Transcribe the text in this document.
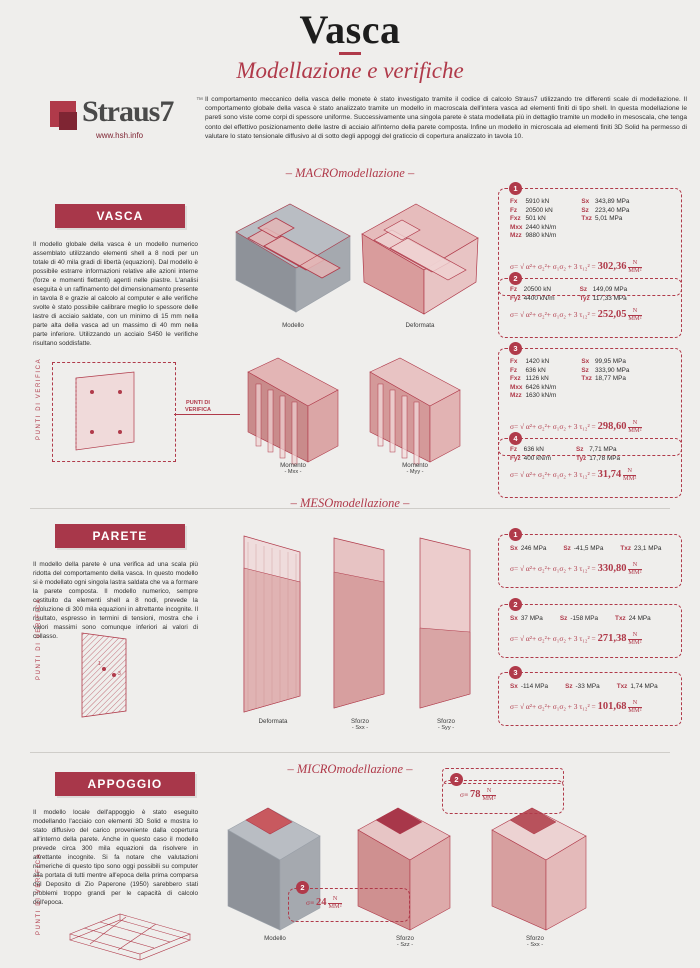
Vasca
Modellazione e verifiche
Straus7	™
www.hsh.info
Il comportamento meccanico della vasca delle monete è stato investigato tramite il codice di calcolo Straus7 utilizzando tre differenti scale di modellazione. Il comportamento globale della vasca è stato analizzato tramite un modello in macroscala dell'intera vasca ad elementi finiti di tipo shell. In questa modellazione le pareti sono viste come corpi di spessore uniforme. Successivamente una singola parete è stata modellata più in dettaglio tramite un modello in mesoscala, che tenga conto del effettivo posizionamento delle lastre di acciaio all'interno della parete composta. Infine un modello in microscala ad elementi finiti 3D Solid ha permesso di valutare lo stato tensionale diffusivo al di sotto degli appoggi del graticcio di copertura analizzato in tavola 10.
– MACROmodellazione –
VASCA
Il modello globale della vasca è un modello numerico assemblato utilizzando elementi shell a 8 nodi per un totale di 40 mila gradi di libertà (equazioni). Dal modello è possibile estrarre informazioni relative alle azioni interne (forze e momenti flettenti) agenti nelle piastre. L'analisi eseguita è un raffinamento del dimensionamento presente in tavola 8 e grazie al calcolo al computer e alle verifiche svolte è stato possibile calibrare meglio lo spessore delle lastre di acciaio saldate, con un minimo di 15 mm nella parte alta della vasca ad un massimo di 40 mm nella parte inferiore. Utilizzando un acciaio S450 le verifiche risultano soddisfatte.
PUNTI DI VERIFICA
Modello	Deformata
Momento
- Mxx -
Momento
- Myy -
PUNTI DI
VERIFICA
1
Fx	5910 kN	Sx	343,89 MPa
Fz	20500 kN	Sz	223,40 MPa
Fxz	501 kN	Txz	5,01 MPa
Mxx	2440 kN/m		
Mzz	9880 kN/m		
σ= √ α²+ σ₂²+ σ₁σ₂ + 3 $\tau_{12}^2 = 302,36 \frac{N}{\text{MM²}}$
2
Fz	20500 kN	Sz	149,09 MPa
Fyz	4400 kN/m	Tyz	117,33 MPa
σ= √ α²+ σ₂²+ σ₁σ₂ + 3 $\tau_{12}^2 = 252,05 \frac{N}{\text{MM²}}$
3
Fx	1420 kN	Sx	99,95 MPa
Fz	636 kN	Sz	333,90 MPa
Fxz	1126 kN	Txz	18,77 MPa
Mxx	6426 kN/m		
Mzz	1630 kN/m		
σ= √ α²+ σ₂²+ σ₁σ₂ + 3 $\tau_{12}^2 = 298,60 \frac{N}{\text{MM²}}$
4
Fz	636 kN	Sz	7,71 MPa
Fyz	400 kN/m	Tyz	17,78 MPa
σ= √ α²+ σ₂²+ σ₁σ₂ + 3 $\tau_{12}^2 = 31,74 \frac{N}{\text{MM²}}$
– MESOmodellazione –
PARETE
Il modello della parete è una verifica ad una scala più ridotta del comportamento della vasca. In questo modello si è modellato ogni singola lastra saldata che va a formare la parete composta. Il modello numerico, sempre costituito da elementi shell a 8 nodi, prevede la risoluzione di 300 mila equazioni in altrettante incognite. Il risultato, espresso in termini di tensioni, mostra che i valori massimi sono comunque inferiori ai valori di collasso.
PUNTI DI VERIFICA	1
3
Deformata	Sforzo
- Sxx -
Sforzo
- Syy -
1
Sx	246 MPa	Sz	-41,5 MPa	Txz	23,1 MPa
σ= √ α²+ σ₂²+ σ₁σ₂ + 3 $\tau_{12}^2 = 330,80 \frac{N}{\text{MM²}}$
2
Sx	37 MPa	Sz	-158 MPa	Txz	24 MPa
σ= √ α²+ σ₂²+ σ₁σ₂ + 3 $\tau_{12}^2 = 271,38 \frac{N}{\text{MM²}}$
3
Sx	-114 MPa	Sz	-33 MPa	Txz	1,74 MPa
σ= √ α²+ σ₂²+ σ₁σ₂ + 3 $\tau_{12}^2 = 101,68 \frac{N}{\text{MM²}}$
– MICROmodellazione –
APPOGGIO
Il modello locale dell'appoggio è stato eseguito modellando l'acciaio con elementi 3D Solid e mostra lo stato diffusivo del carico proveniente dalla copertura all'interno della parete. Anche in questo caso il modello prevede circa 300 mila equazioni da risolvere in altrettante incognite. Si fa notare che valutazioni numeriche di questo tipo sono oggi possibili su computer alla portata di tutti mentre all'epoca della prima comparsa del Deposito di Zio Paperone (1950) sarebbero stati problemi troppo grandi per le capacità di calcolo dell'epoca.
PUNTI DI VERIFICA
Modello	Sforzo
- Szz -
Sforzo
- Sxx -
2
$\sigma\equiv 78 \frac{N}{\text{MM²}}$
2
$\sigma\equiv 24 \frac{N}{\text{MM²}}$
